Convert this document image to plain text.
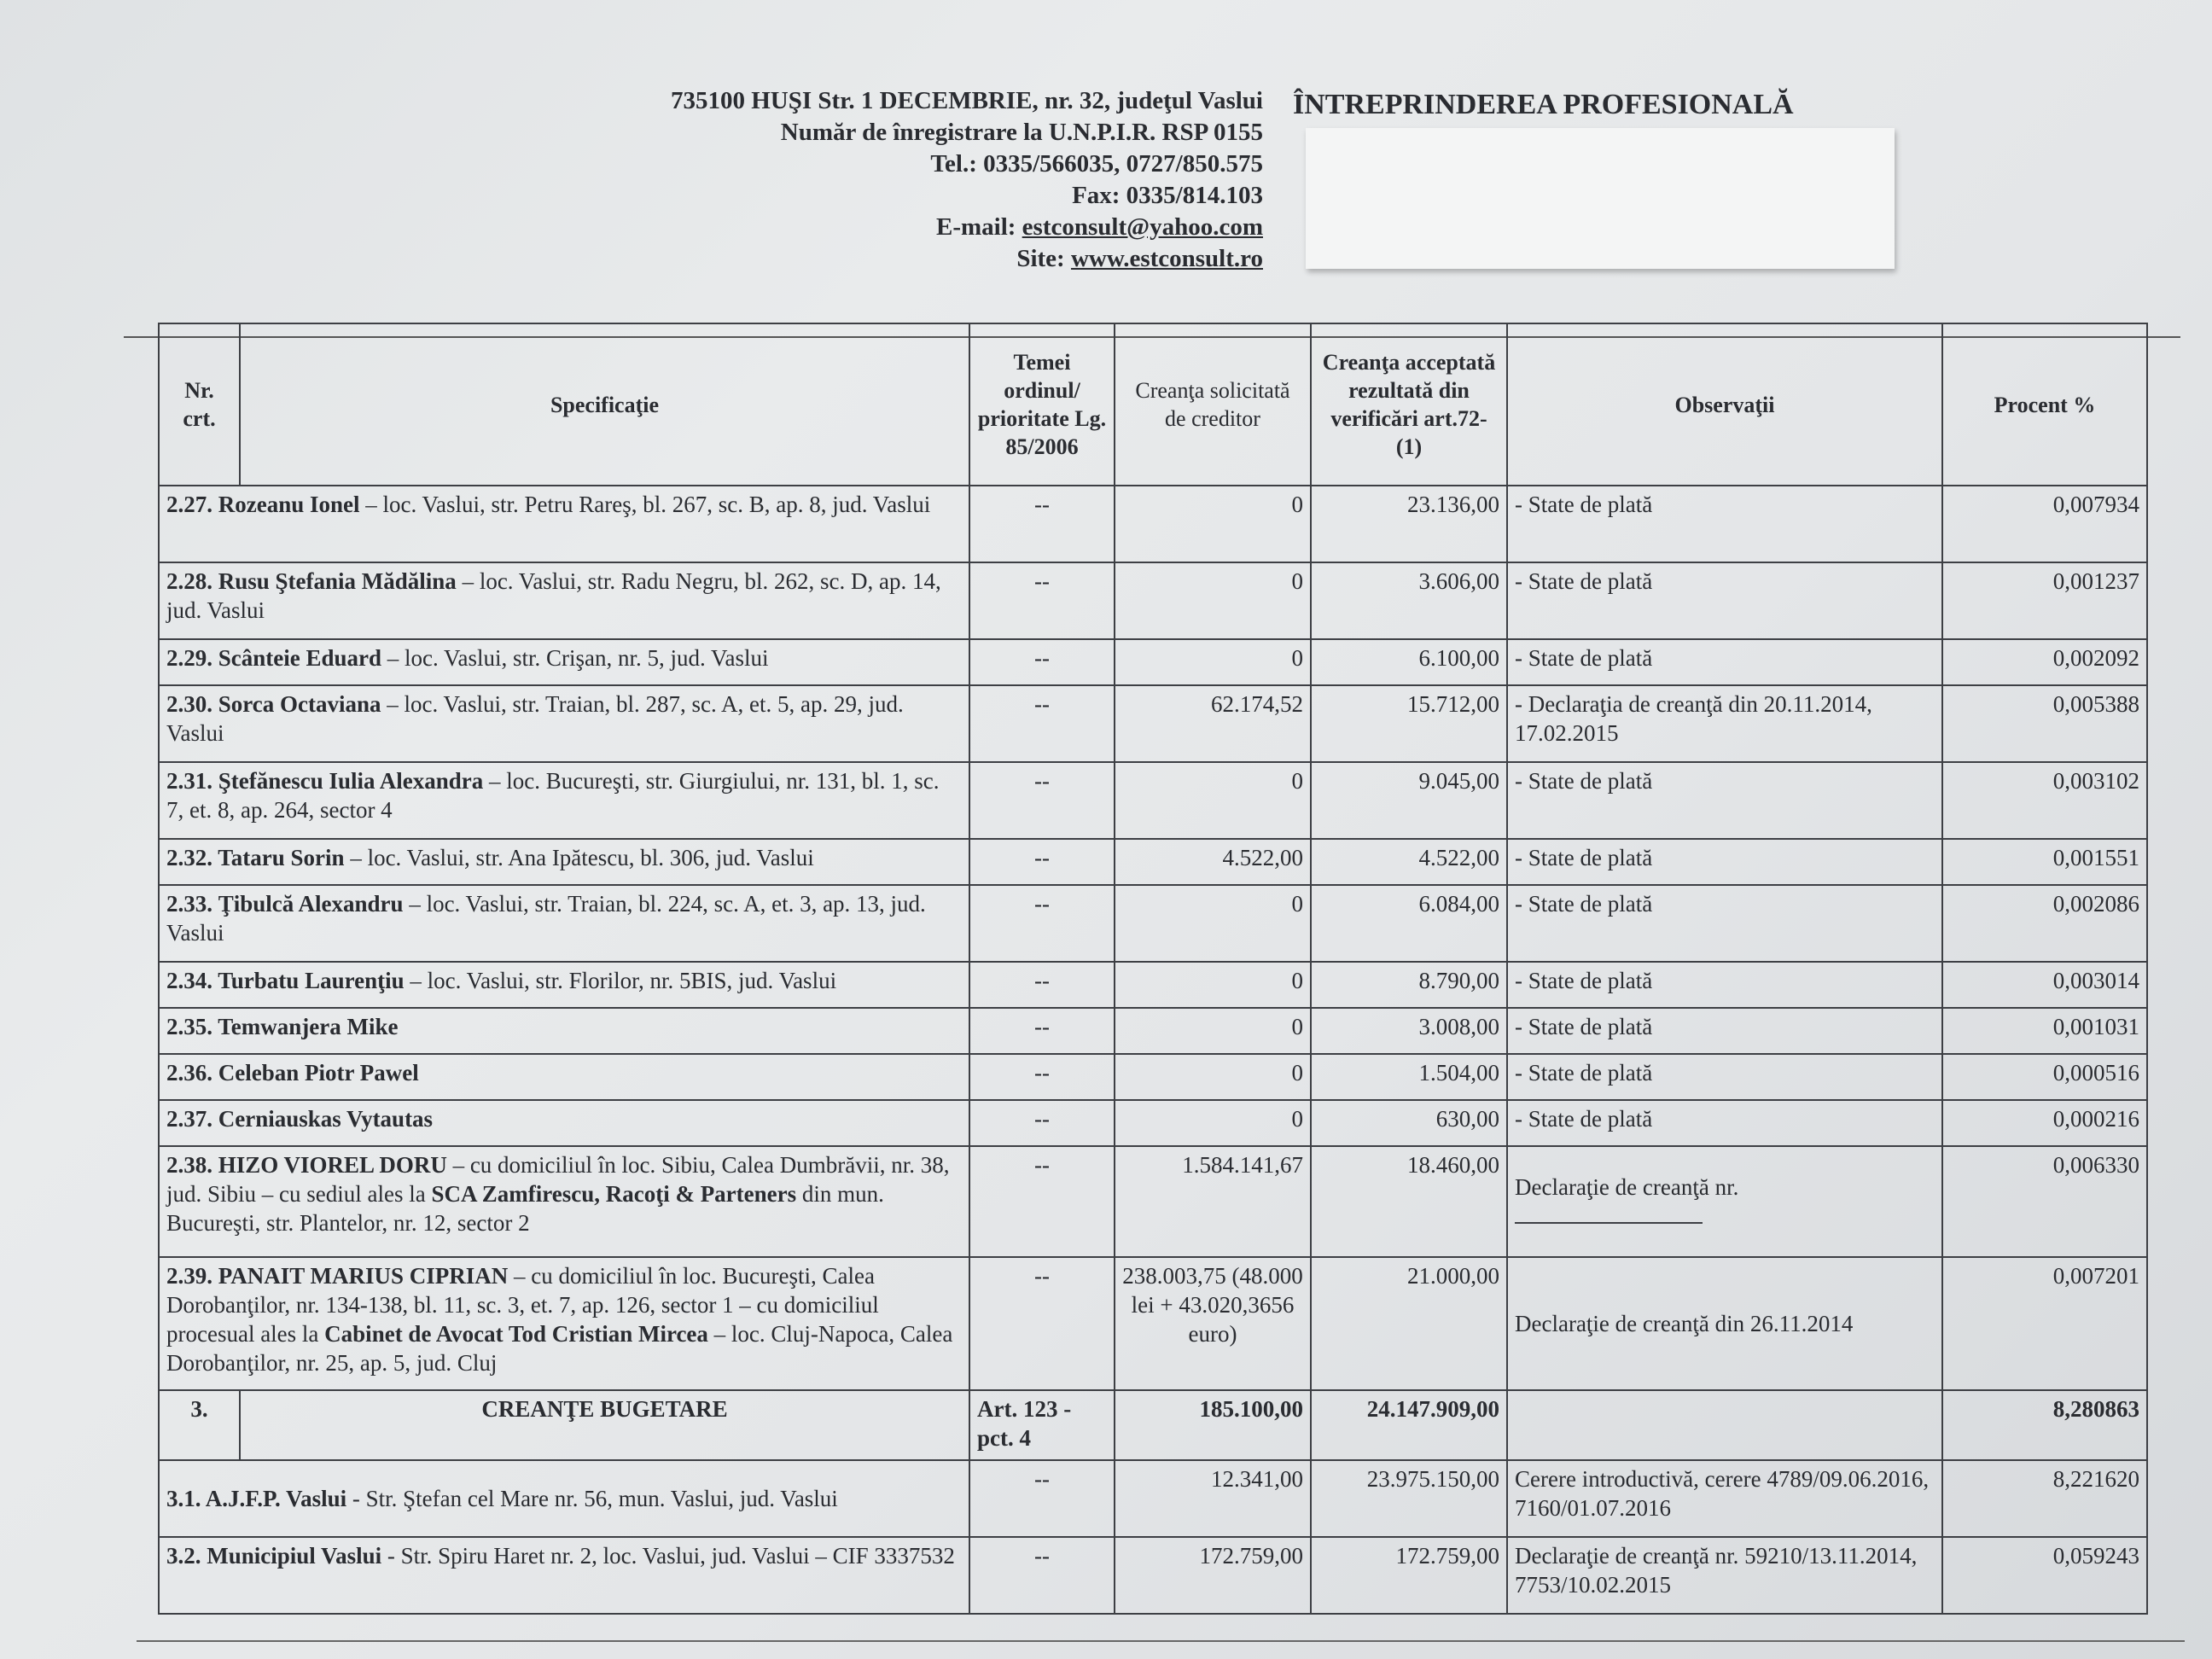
735100 HUŞI Str. 1 DECEMBRIE, nr. 32, judeţul Vaslui
Număr de înregistrare la U.N.P.I.R. RSP 0155
Tel.: 0335/566035, 0727/850.575
Fax: 0335/814.103
E-mail: estconsult@yahoo.com
Site: www.estconsult.ro
ÎNTREPRINDEREA PROFESIONALĂ
Nr. crt.	Specificaţie	Temei ordinul/ prioritate Lg. 85/2006	Creanţa solicitată de creditor	Creanţa acceptată rezultată din verificări art.72-(1)	Observaţii	Procent %
2.27. Rozeanu Ionel – loc. Vaslui, str. Petru Rareş, bl. 267, sc. B, ap. 8, jud. Vaslui		--	0	23.136,00	- State de plată	0,007934
2.28. Rusu Ştefania Mădălina – loc. Vaslui, str. Radu Negru, bl. 262, sc. D, ap. 14, jud. Vaslui		--	0	3.606,00	- State de plată	0,001237
2.29. Scânteie Eduard – loc. Vaslui, str. Crişan, nr. 5, jud. Vaslui		--	0	6.100,00	- State de plată	0,002092
2.30. Sorca Octaviana – loc. Vaslui, str. Traian, bl. 287, sc. A, et. 5, ap. 29, jud. Vaslui		--	62.174,52	15.712,00	- Declaraţia de creanţă din 20.11.2014, 17.02.2015	0,005388
2.31. Ştefănescu Iulia Alexandra – loc. Bucureşti, str. Giurgiului, nr. 131, bl. 1, sc. 7, et. 8, ap. 264, sector 4		--	0	9.045,00	- State de plată	0,003102
2.32. Tataru Sorin – loc. Vaslui, str. Ana Ipătescu, bl. 306, jud. Vaslui		--	4.522,00	4.522,00	- State de plată	0,001551
2.33. Ţibulcă Alexandru – loc. Vaslui, str. Traian, bl. 224, sc. A, et. 3, ap. 13, jud. Vaslui		--	0	6.084,00	- State de plată	0,002086
2.34. Turbatu Laurenţiu – loc. Vaslui, str. Florilor, nr. 5BIS, jud. Vaslui		--	0	8.790,00	- State de plată	0,003014
2.35. Temwanjera Mike		--	0	3.008,00	- State de plată	0,001031
2.36. Celeban Piotr Pawel		--	0	1.504,00	- State de plată	0,000516
2.37. Cerniauskas Vytautas		--	0	630,00	- State de plată	0,000216
2.38. HIZO VIOREL DORU – cu domiciliul în loc. Sibiu, Calea Dumbrăvii, nr. 38, jud. Sibiu – cu sediul ales la SCA Zamfirescu, Racoţi & Parteners din mun. Bucureşti, str. Plantelor, nr. 12, sector 2		--	1.584.141,67	18.460,00	Declaraţie de creanţă nr.	0,006330
2.39. PANAIT MARIUS CIPRIAN – cu domiciliul în loc. Bucureşti, Calea Dorobanţilor, nr. 134-138, bl. 11, sc. 3, et. 7, ap. 126, sector 1 – cu domiciliul procesual ales la Cabinet de Avocat Tod Cristian Mircea – loc. Cluj-Napoca, Calea Dorobanţilor, nr. 25, ap. 5, jud. Cluj		--	238.003,75 (48.000 lei + 43.020,3656 euro)	21.000,00	Declaraţie de creanţă din 26.11.2014	0,007201
3.	CREANŢE BUGETARE	Art. 123 - pct. 4	185.100,00	24.147.909,00		8,280863
3.1. A.J.F.P. Vaslui - Str. Ştefan cel Mare nr. 56, mun. Vaslui, jud. Vaslui		--	12.341,00	23.975.150,00	Cerere introductivă, cerere 4789/09.06.2016, 7160/01.07.2016	8,221620
3.2. Municipiul Vaslui - Str. Spiru Haret nr. 2, loc. Vaslui, jud. Vaslui – CIF 3337532		--	172.759,00	172.759,00	Declaraţie de creanţă nr. 59210/13.11.2014, 7753/10.02.2015	0,059243
